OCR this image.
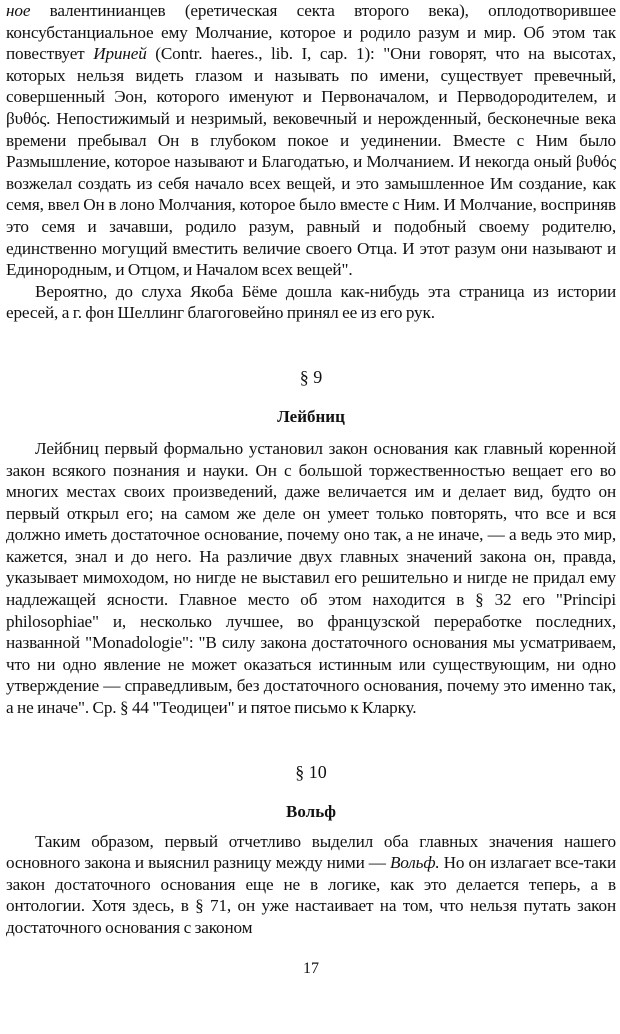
ное валентинианцев (еретическая секта второго века), оплодотворившее консубстанциальное ему Молчание, которое и родило разум и мир. Об этом так повествует Ириней (Contr. haeres., lib. I, cap. 1): "Они говорят, что на высотах, которых нельзя видеть глазом и называть по имени, существует превечный, совершенный Эон, которого именуют и Первоначалом, и Перводородителем, и βυθός. Непостижимый и незримый, вековечный и нерожденный, бесконечные века времени пребывал Он в глубоком покое и уединении. Вместе с Ним было Размышление, которое называют и Благодатью, и Молчанием. И некогда оный βυθός возжелал создать из себя начало всех вещей, и это замышленное Им создание, как семя, ввел Он в лоно Молчания, которое было вместе с Ним. И Молчание, восприняв это семя и зачавши, родило разум, равный и подобный своему родителю, единственно могущий вместить величие своего Отца. И этот разум они называют и Единородным, и Отцом, и Началом всех вещей".

Вероятно, до слуха Якоба Бёме дошла как-нибудь эта страница из истории ересей, а г. фон Шеллинг благоговейно принял ее из его рук.

§ 9

Лейбниц

Лейбниц первый формально установил закон основания как главный коренной закон всякого познания и науки. Он с большой торжественностью вещает его во многих местах своих произведений, даже величается им и делает вид, будто он первый открыл его; на самом же деле он умеет только повторять, что все и вся должно иметь достаточное основание, почему оно так, а не иначе, — а ведь это мир, кажется, знал и до него. На различие двух главных значений закона он, правда, указывает мимоходом, но нигде не выставил его решительно и нигде не придал ему надлежащей ясности. Главное место об этом находится в § 32 его "Principi philosophiae" и, несколько лучшее, во французской переработке последних, названной "Monadologie": "В силу закона достаточного основания мы усматриваем, что ни одно явление не может оказаться истинным или существующим, ни одно утверждение — справедливым, без достаточного основания, почему это именно так, а не иначе". Ср. § 44 "Теодицеи" и пятое письмо к Кларку.

§ 10

Вольф

Таким образом, первый отчетливо выделил оба главных значения нашего основного закона и выяснил разницу между ними — Вольф. Но он излагает все-таки закон достаточного основания еще не в логике, как это делается теперь, а в онтологии. Хотя здесь, в § 71, он уже настаивает на том, что нельзя путать закон достаточного основания с законом

17
